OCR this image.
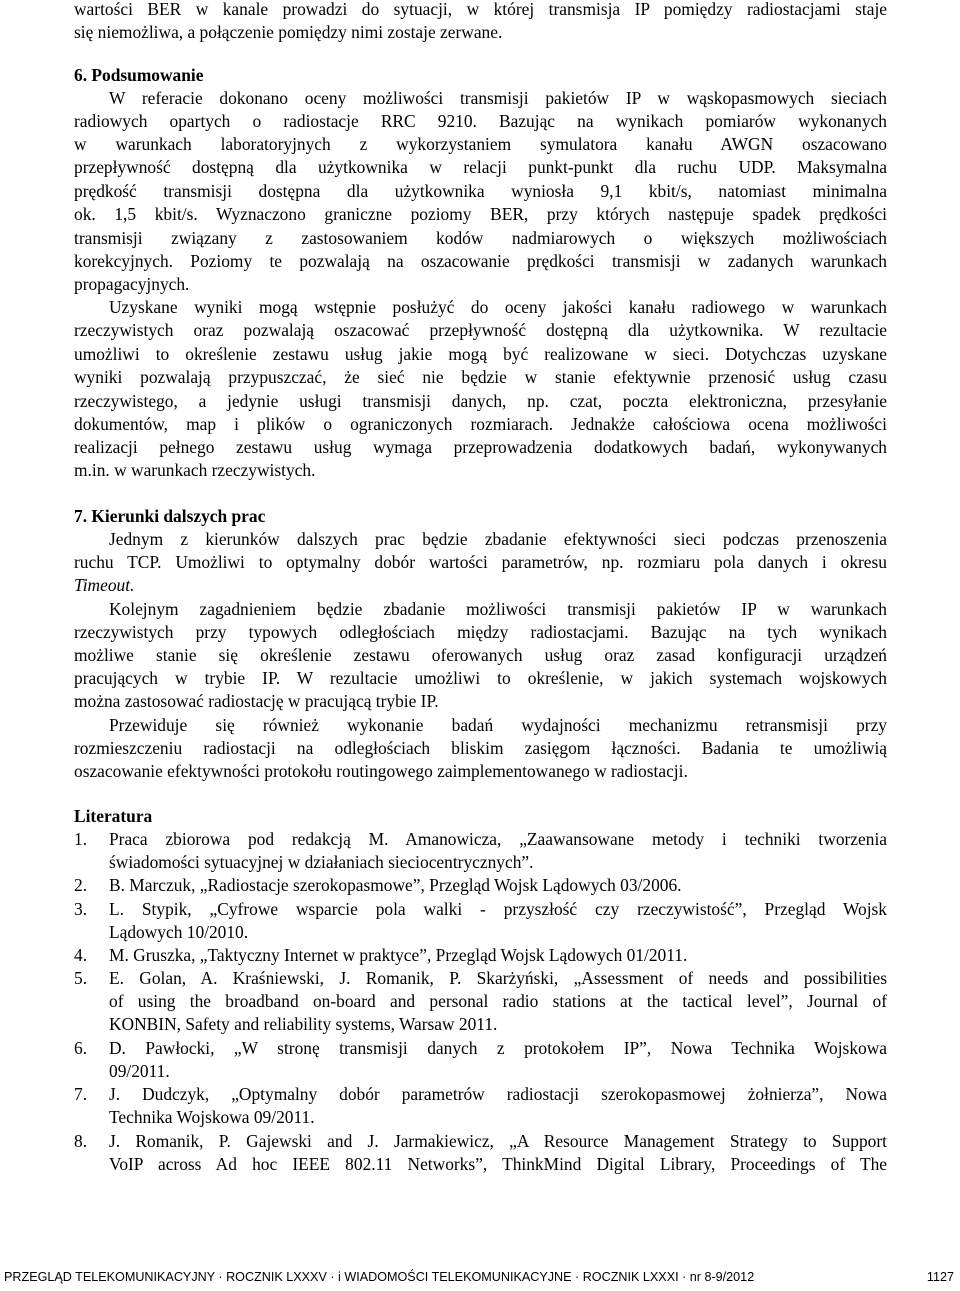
wartości BER w kanale prowadzi do sytuacji, w której transmisja IP pomiędzy radiostacjami staje
się niemożliwa, a połączenie pomiędzy nimi zostaje zerwane.
6. Podsumowanie
W referacie dokonano oceny możliwości transmisji pakietów IP w wąskopasmowych sieciach
radiowych opartych o radiostacje RRC 9210. Bazując na wynikach pomiarów wykonanych
w warunkach laboratoryjnych z wykorzystaniem symulatora kanału AWGN oszacowano
przepływność dostępną dla użytkownika w relacji punkt-punkt dla ruchu UDP. Maksymalna
prędkość transmisji dostępna dla użytkownika wyniosła 9,1 kbit/s, natomiast minimalna
ok. 1,5 kbit/s. Wyznaczono graniczne poziomy BER, przy których następuje spadek prędkości
transmisji związany z zastosowaniem kodów nadmiarowych o większych możliwościach
korekcyjnych. Poziomy te pozwalają na oszacowanie prędkości transmisji w zadanych warunkach
propagacyjnych.
Uzyskane wyniki mogą wstępnie posłużyć do oceny jakości kanału radiowego w warunkach
rzeczywistych oraz pozwalają oszacować przepływność dostępną dla użytkownika. W rezultacie
umożliwi to określenie zestawu usług jakie mogą być realizowane w sieci. Dotychczas uzyskane
wyniki pozwalają przypuszczać, że sieć nie będzie w stanie efektywnie przenosić usług czasu
rzeczywistego, a jedynie usługi transmisji danych, np. czat, poczta elektroniczna, przesyłanie
dokumentów, map i plików o ograniczonych rozmiarach. Jednakże całościowa ocena możliwości
realizacji pełnego zestawu usług wymaga przeprowadzenia dodatkowych badań, wykonywanych
m.in. w warunkach rzeczywistych.
7. Kierunki dalszych prac
Jednym z kierunków dalszych prac będzie zbadanie efektywności sieci podczas przenoszenia
ruchu TCP. Umożliwi to optymalny dobór wartości parametrów, np. rozmiaru pola danych i okresu
Timeout.
Kolejnym zagadnieniem będzie zbadanie możliwości transmisji pakietów IP w warunkach
rzeczywistych przy typowych odległościach między radiostacjami. Bazując na tych wynikach
możliwe stanie się określenie zestawu oferowanych usług oraz zasad konfiguracji urządzeń
pracujących w trybie IP. W rezultacie umożliwi to określenie, w jakich systemach wojskowych
można zastosować radiostację w pracującą trybie IP.
Przewiduje się również wykonanie badań wydajności mechanizmu retransmisji przy
rozmieszczeniu radiostacji na odległościach bliskim zasięgom łączności. Badania te umożliwią
oszacowanie efektywności protokołu routingowego zaimplementowanego w radiostacji.
Literatura
1. Praca zbiorowa pod redakcją M. Amanowicza, „Zaawansowane metody i techniki tworzenia
świadomości sytuacyjnej w działaniach sieciocentrycznych”.
2. B. Marczuk, „Radiostacje szerokopasmowe”, Przegląd Wojsk Lądowych 03/2006.
3. L. Stypik, „Cyfrowe wsparcie pola walki - przyszłość czy rzeczywistość”, Przegląd Wojsk
Lądowych 10/2010.
4. M. Gruszka, „Taktyczny Internet w praktyce”, Przegląd Wojsk Lądowych 01/2011.
5. E. Golan, A. Kraśniewski, J. Romanik, P. Skarżyński, „Assessment of needs and possibilities
of using the broadband on-board and personal radio stations at the tactical level”, Journal of
KONBIN, Safety and reliability systems, Warsaw 2011.
6. D. Pawłocki, „W stronę transmisji danych z protokołem IP”, Nowa Technika Wojskowa
09/2011.
7. J. Dudczyk, „Optymalny dobór parametrów radiostacji szerokopasmowej żołnierza”, Nowa
Technika Wojskowa 09/2011.
8. J. Romanik, P. Gajewski and J. Jarmakiewicz, „A Resource Management Strategy to Support
VoIP across Ad hoc IEEE 802.11 Networks”, ThinkMind Digital Library, Proceedings of The
PRZEGLĄD TELEKOMUNIKACYJNY · ROCZNIK LXXXV · i WIADOMOŚCI TELEKOMUNIKACYJNE · ROCZNIK LXXXI · nr 8-9/2012	1127
